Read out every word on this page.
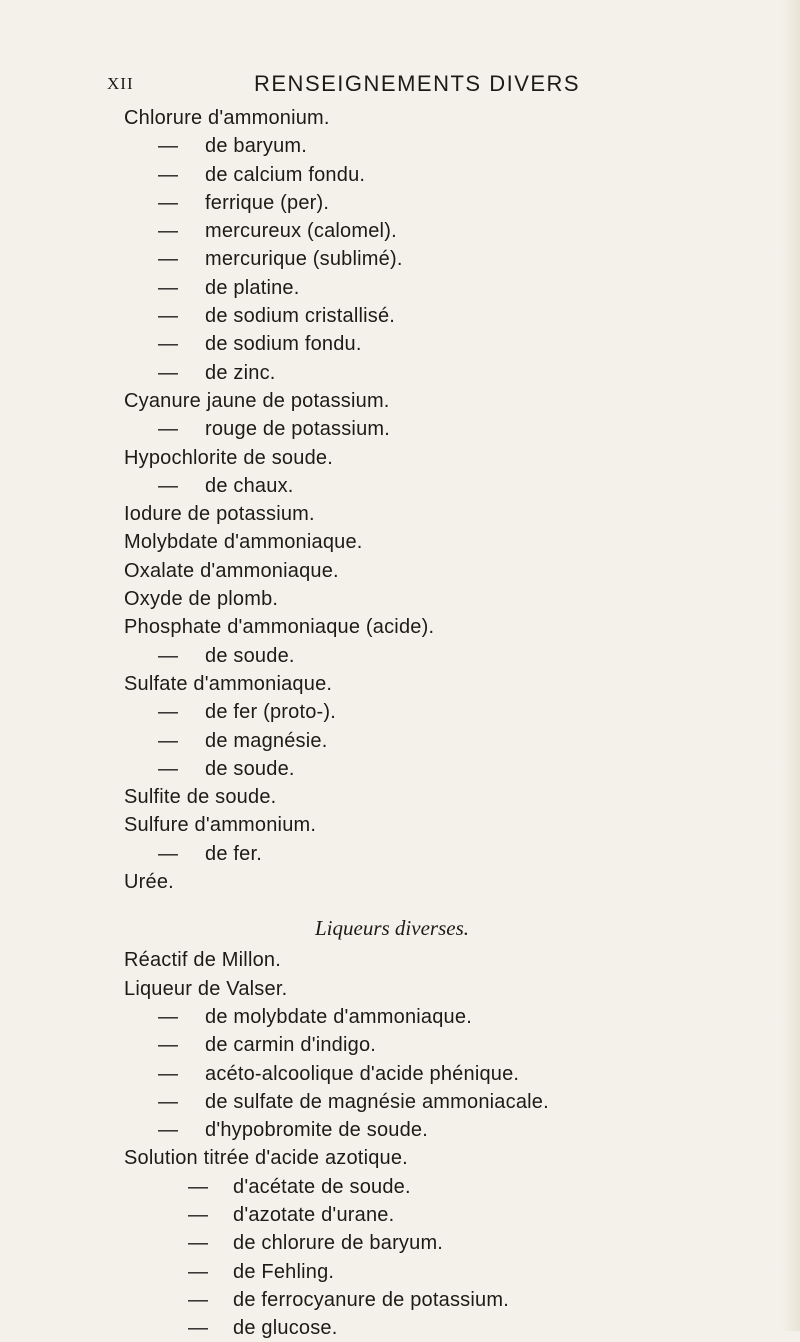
XII	RENSEIGNEMENTS DIVERS
Chlorure d'ammonium.
— de baryum.
— de calcium fondu.
— ferrique (per).
— mercureux (calomel).
— mercurique (sublimé).
— de platine.
— de sodium cristallisé.
— de sodium fondu.
— de zinc.
Cyanure jaune de potassium.
— rouge de potassium.
Hypochlorite de soude.
— de chaux.
Iodure de potassium.
Molybdate d'ammoniaque.
Oxalate d'ammoniaque.
Oxyde de plomb.
Phosphate d'ammoniaque (acide).
— de soude.
Sulfate d'ammoniaque.
— de fer (proto-).
— de magnésie.
— de soude.
Sulfite de soude.
Sulfure d'ammonium.
— de fer.
Urée.
Liqueurs diverses.
Réactif de Millon.
Liqueur de Valser.
— de molybdate d'ammoniaque.
— de carmin d'indigo.
— acéto-alcoolique d'acide phénique.
— de sulfate de magnésie ammoniacale.
— d'hypobromite de soude.
Solution titrée d'acide azotique.
— d'acétate de soude.
— d'azotate d'urane.
— de chlorure de baryum.
— de Fehling.
— de ferrocyanure de potassium.
— de glucose.
